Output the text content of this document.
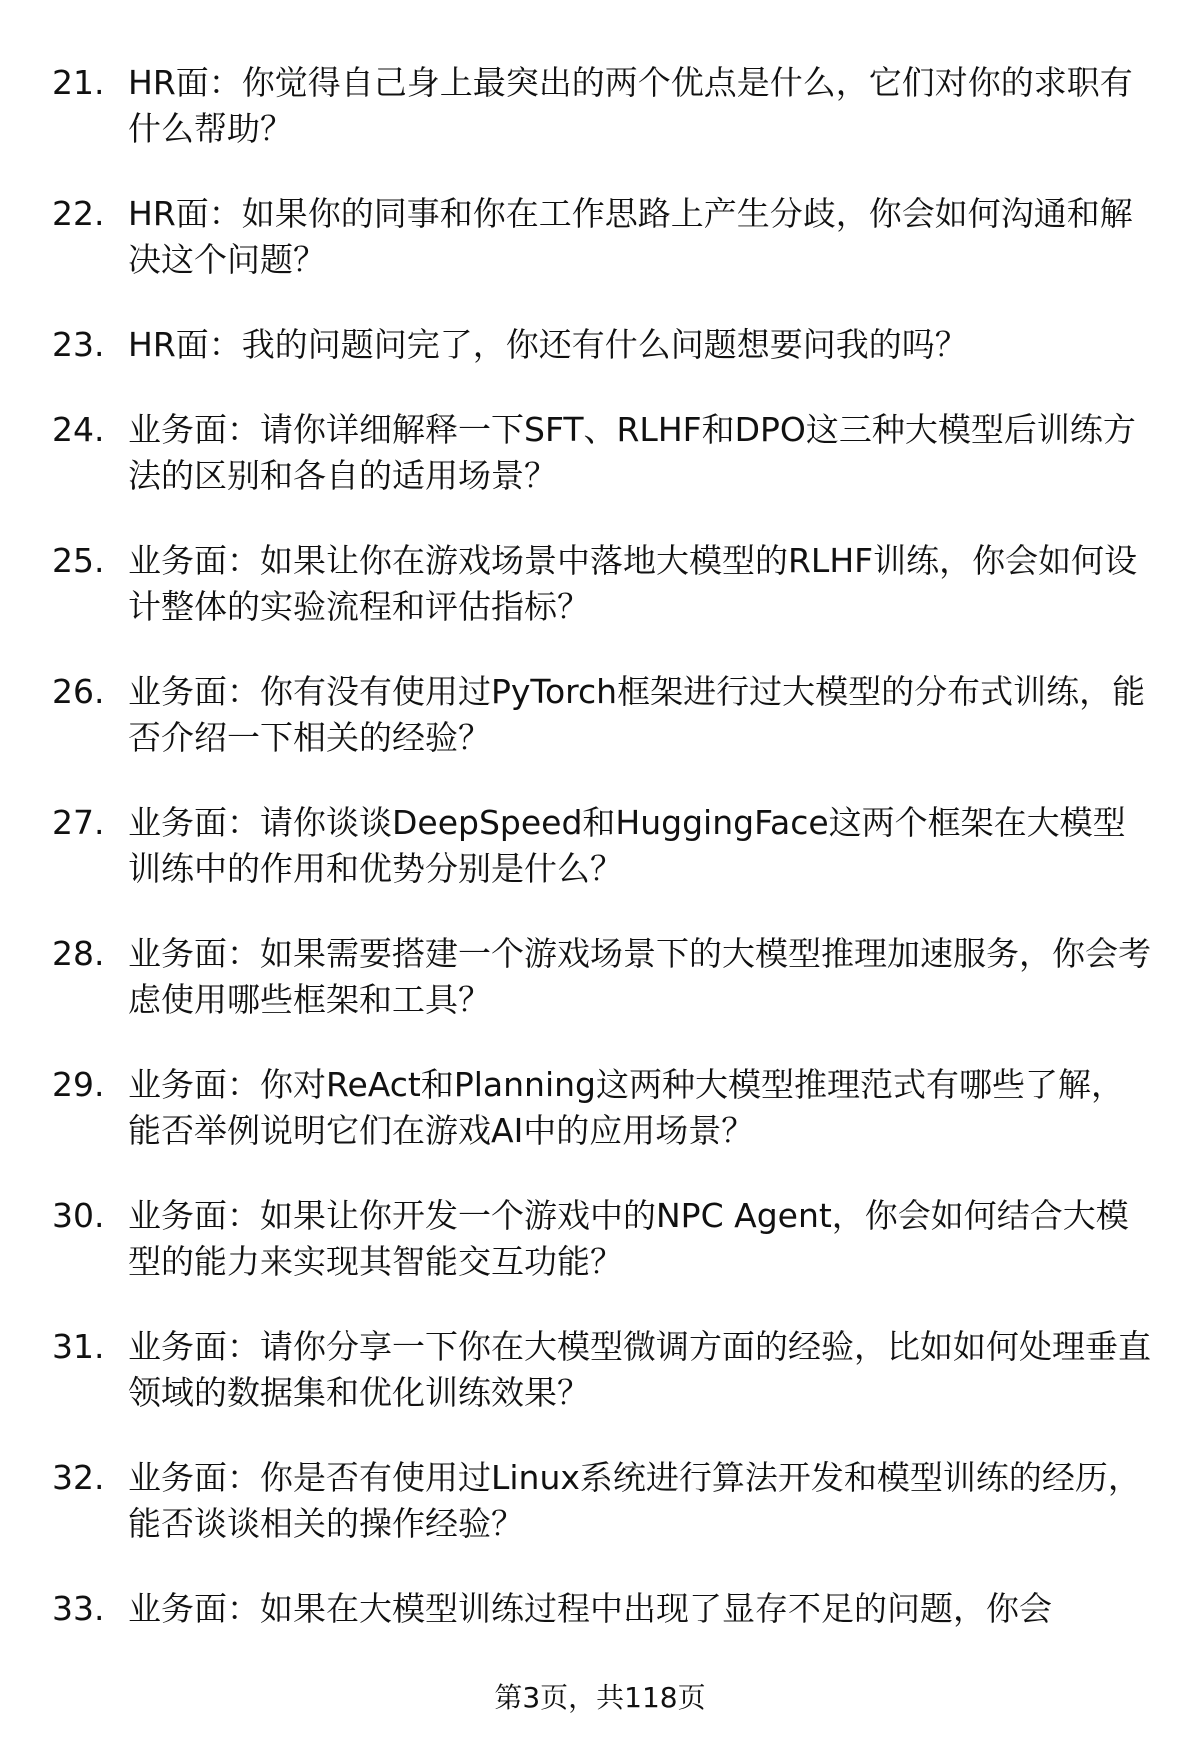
21. HR面：你觉得自己身上最突出的两个优点是什么，它们对你的求职有什么帮助？
22. HR面：如果你的同事和你在工作思路上产生分歧，你会如何沟通和解决这个问题？
23. HR面：我的问题问完了，你还有什么问题想要问我的吗？
24. 业务面：请你详细解释一下SFT、RLHF和DPO这三种大模型后训练方法的区别和各自的适用场景？
25. 业务面：如果让你在游戏场景中落地大模型的RLHF训练，你会如何设计整体的实验流程和评估指标？
26. 业务面：你有没有使用过PyTorch框架进行过大模型的分布式训练，能否介绍一下相关的经验？
27. 业务面：请你谈谈DeepSpeed和HuggingFace这两个框架在大模型训练中的作用和优势分别是什么？
28. 业务面：如果需要搭建一个游戏场景下的大模型推理加速服务，你会考虑使用哪些框架和工具？
29. 业务面：你对ReAct和Planning这两种大模型推理范式有哪些了解，能否举例说明它们在游戏AI中的应用场景？
30. 业务面：如果让你开发一个游戏中的NPC Agent，你会如何结合大模型的能力来实现其智能交互功能？
31. 业务面：请你分享一下你在大模型微调方面的经验，比如如何处理垂直领域的数据集和优化训练效果？
32. 业务面：你是否有使用过Linux系统进行算法开发和模型训练的经历，能否谈谈相关的操作经验？
33. 业务面：如果在大模型训练过程中出现了显存不足的问题，你会
第3页，共118页
